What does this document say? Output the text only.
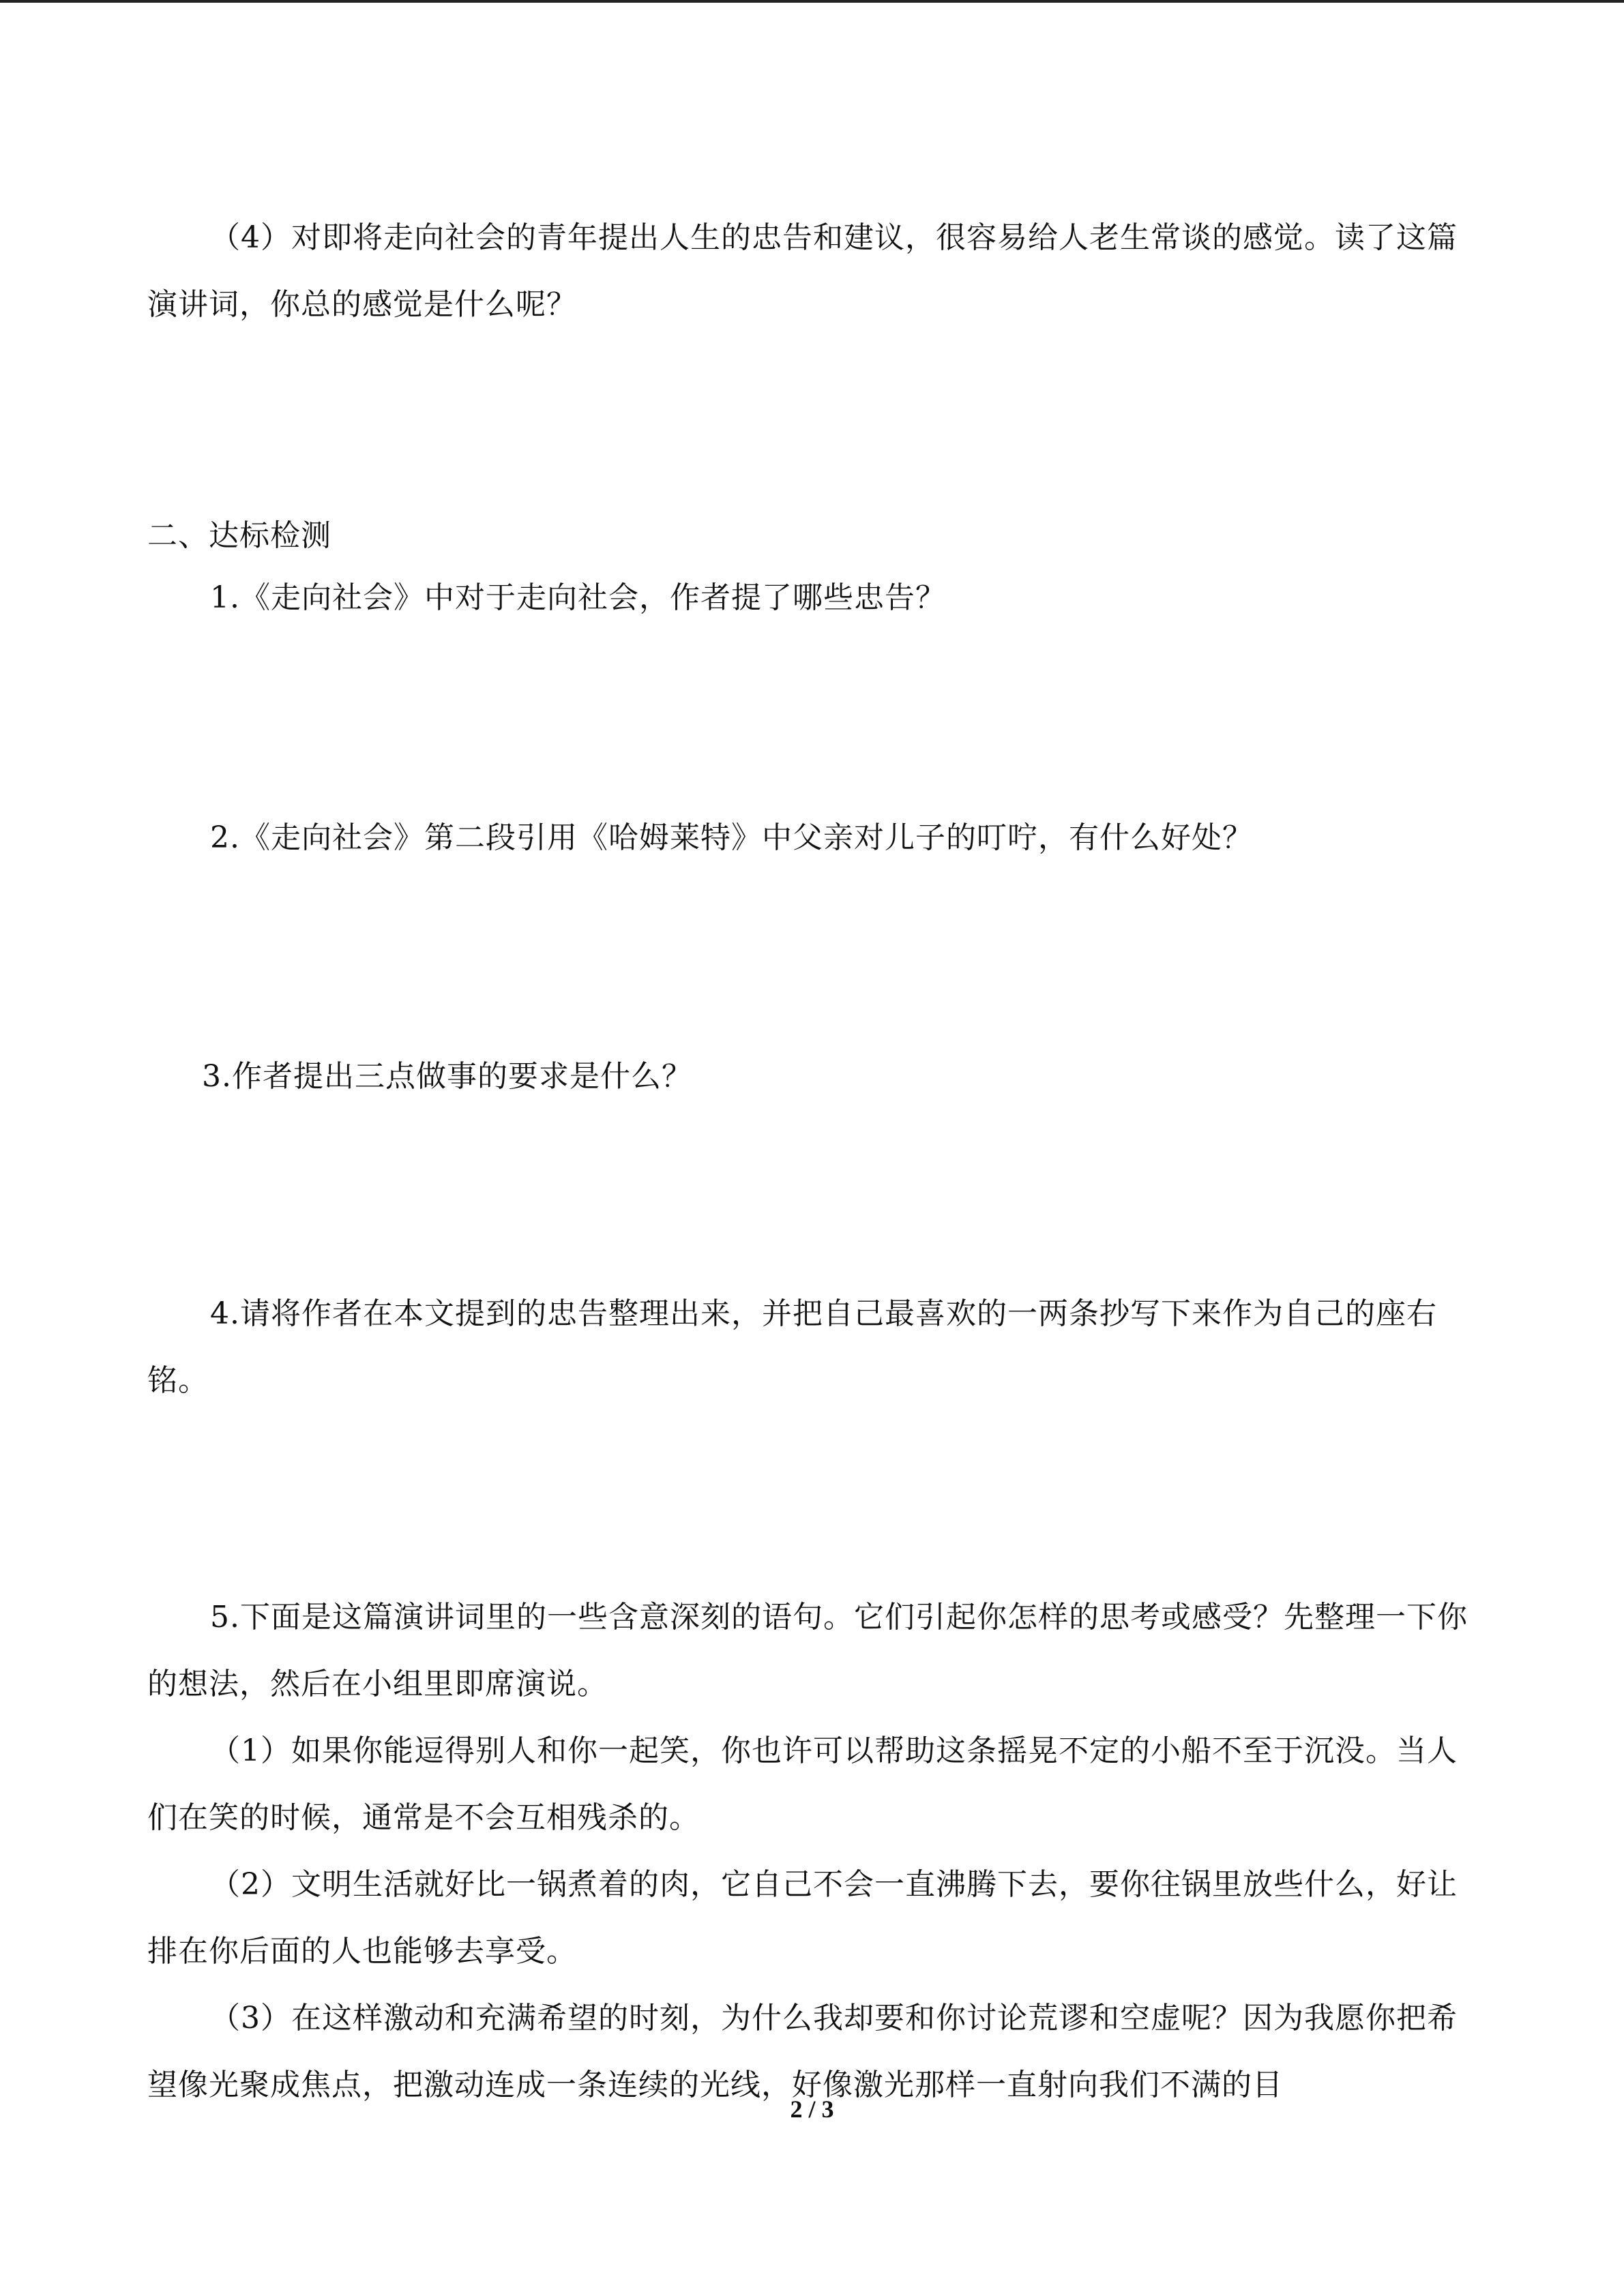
（4）对即将走向社会的青年提出人生的忠告和建议，很容易给人老生常谈的感觉。读了这篇演讲词，你总的感觉是什么呢？

二、达标检测

1.《走向社会》中对于走向社会，作者提了哪些忠告？

2.《走向社会》第二段引用《哈姆莱特》中父亲对儿子的叮咛，有什么好处？

3.作者提出三点做事的要求是什么？

4.请将作者在本文提到的忠告整理出来，并把自己最喜欢的一两条抄写下来作为自己的座右铭。

5.下面是这篇演讲词里的一些含意深刻的语句。它们引起你怎样的思考或感受？先整理一下你的想法，然后在小组里即席演说。

（1）如果你能逗得别人和你一起笑，你也许可以帮助这条摇晃不定的小船不至于沉没。当人们在笑的时候，通常是不会互相残杀的。

（2）文明生活就好比一锅煮着的肉，它自己不会一直沸腾下去，要你往锅里放些什么，好让排在你后面的人也能够去享受。

（3）在这样激动和充满希望的时刻，为什么我却要和你讨论荒谬和空虚呢？因为我愿你把希望像光聚成焦点，把激动连成一条连续的光线，好像激光那样一直射向我们不满的目

2 / 3
